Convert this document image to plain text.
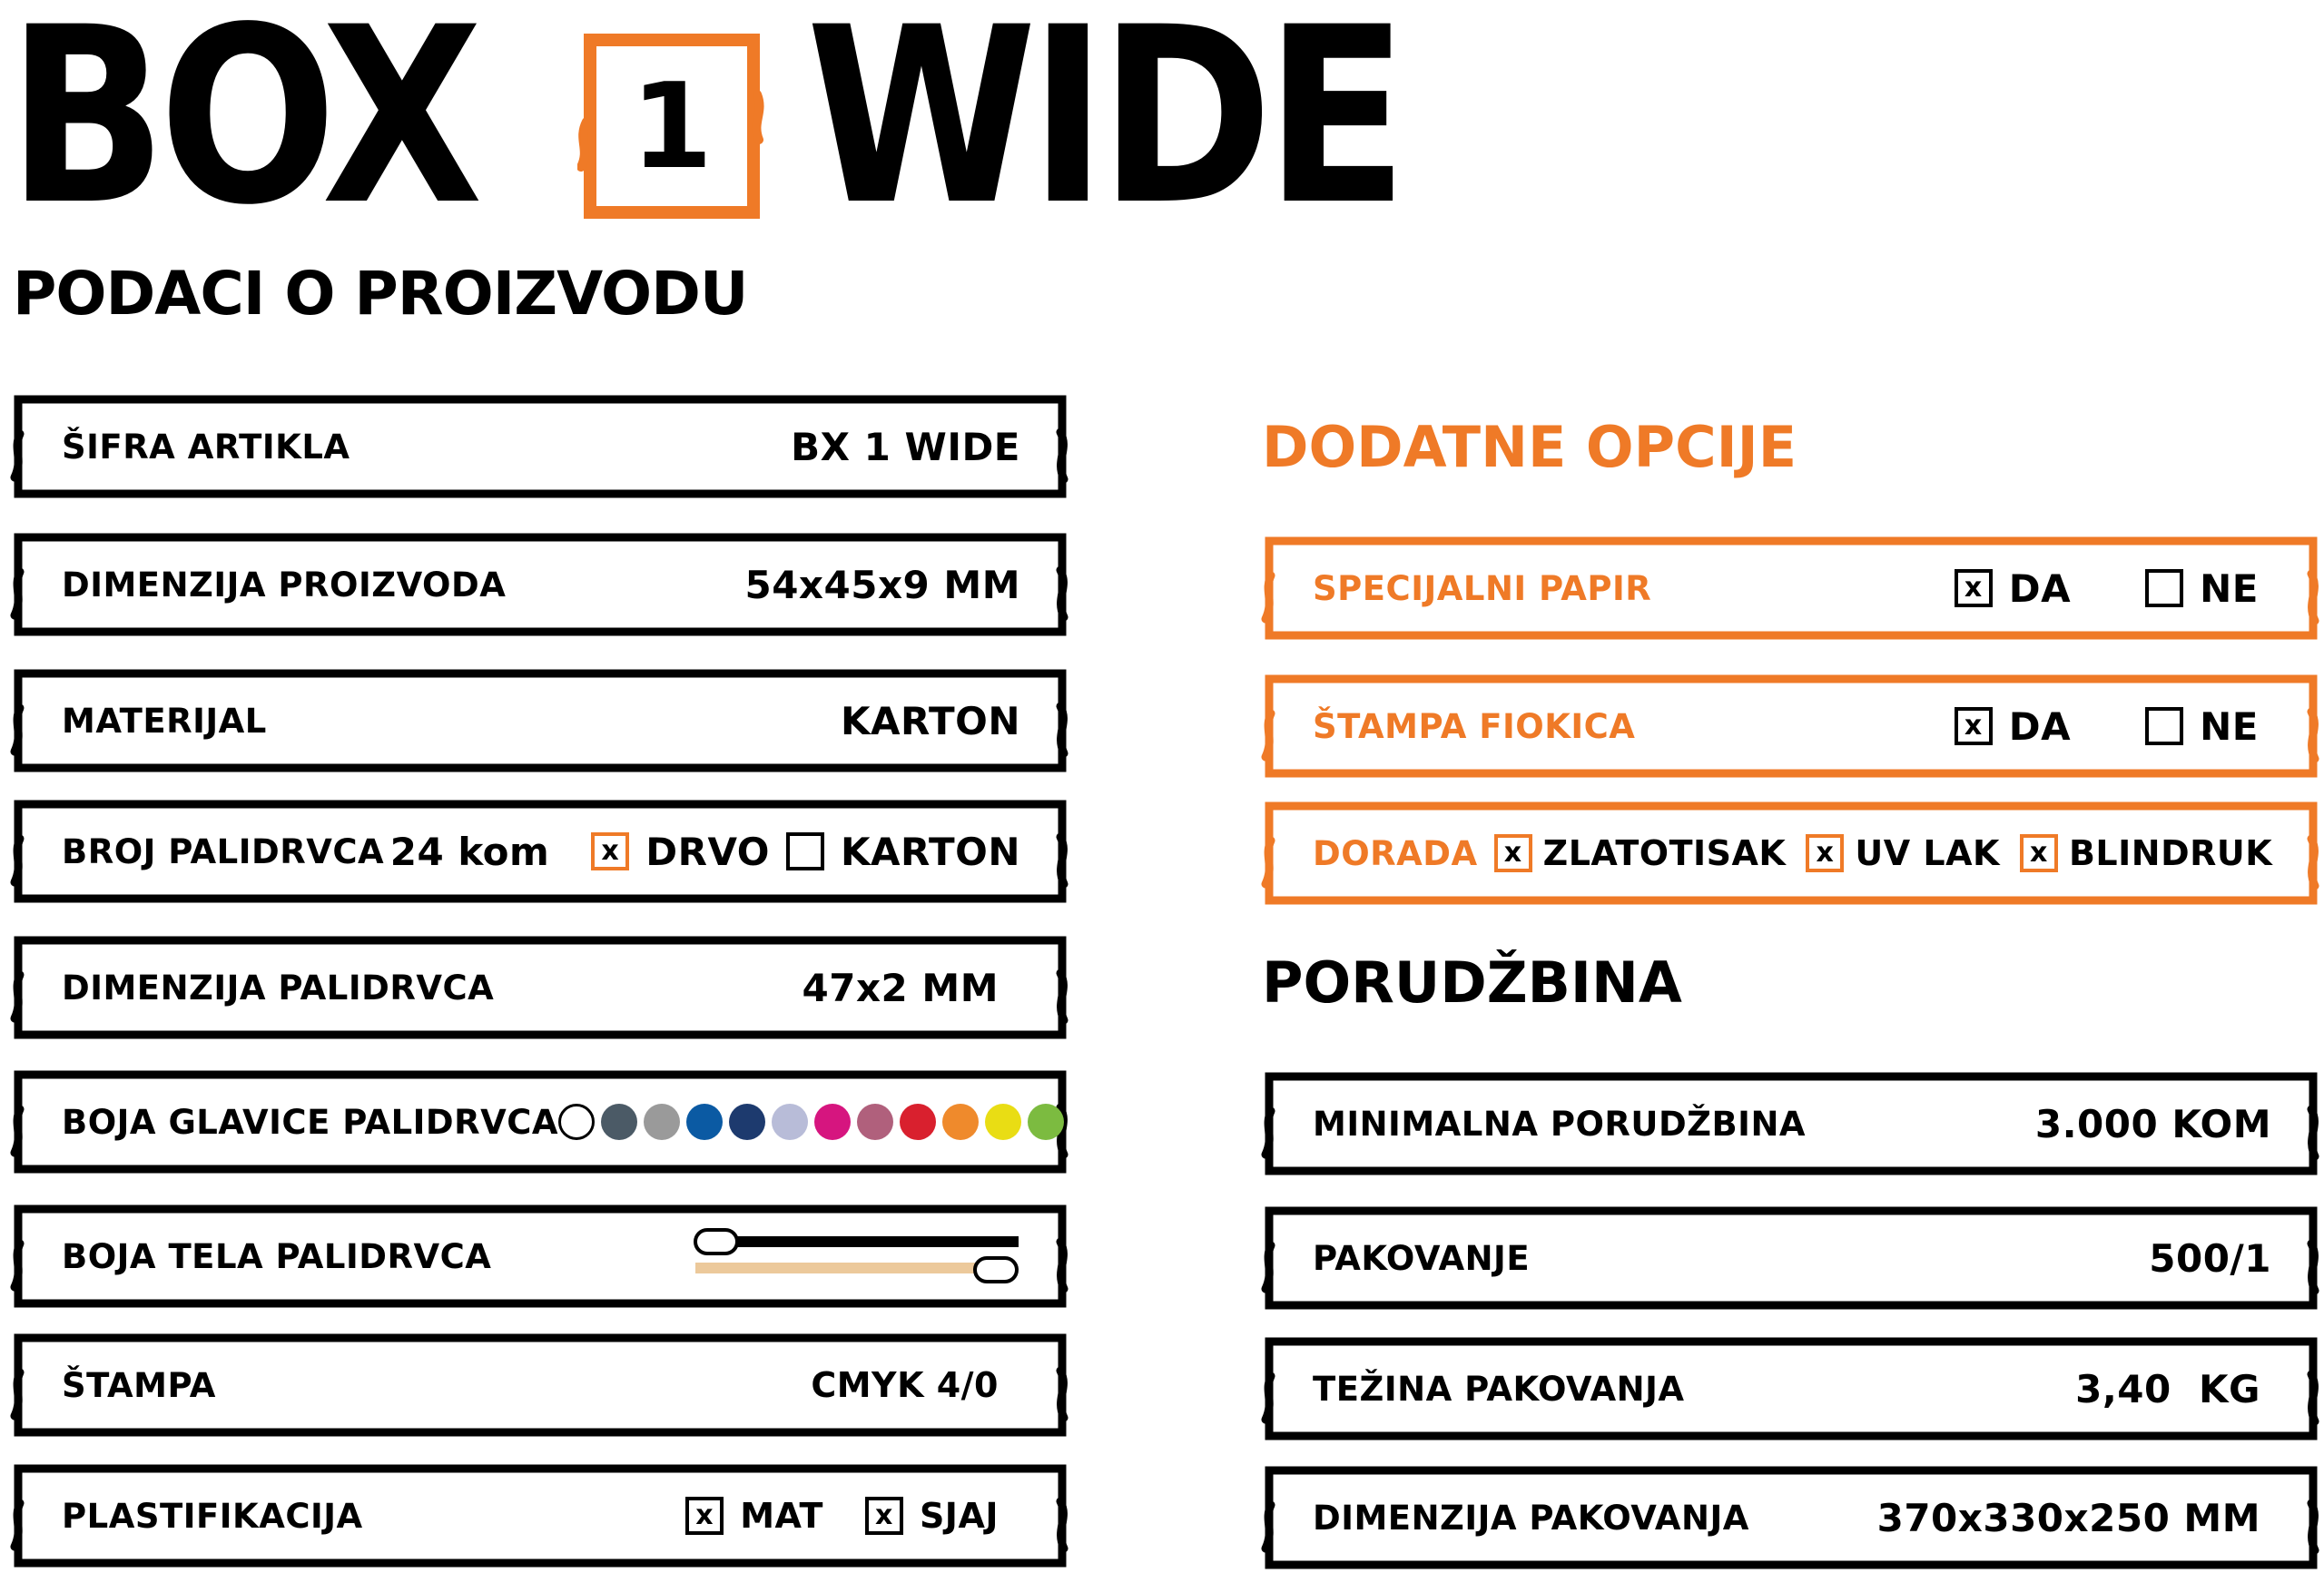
BOX 1 WIDE
PODACI O PROIZVODU
ŠIFRA ARTIKLA	BX 1 WIDE
DIMENZIJA PROIZVODA	54x45x9 MM
MATERIJAL	KARTON
BROJ PALIDRVCA 24 kom	x DRVO KARTON
DIMENZIJA PALIDRVCA	47x2 MM
BOJA GLAVICE PALIDRVCA
BOJA TELA PALIDRVCA
ŠTAMPA	CMYK 4/0
PLASTIFIKACIJA	x MAT	x SJAJ
DODATNE OPCIJE
SPECIJALNI PAPIR	x DA	NE
ŠTAMPA FIOKICA	x DA	NE
DORADA x ZLATOTISAK	x UV LAK	x BLINDRUK
PORUDŽBINA
MINIMALNA PORUDŽBINA	3.000 KOM
PAKOVANJE	500/1
TEŽINA PAKOVANJA	3,40  KG
DIMENZIJA PAKOVANJA	370x330x250 MM
